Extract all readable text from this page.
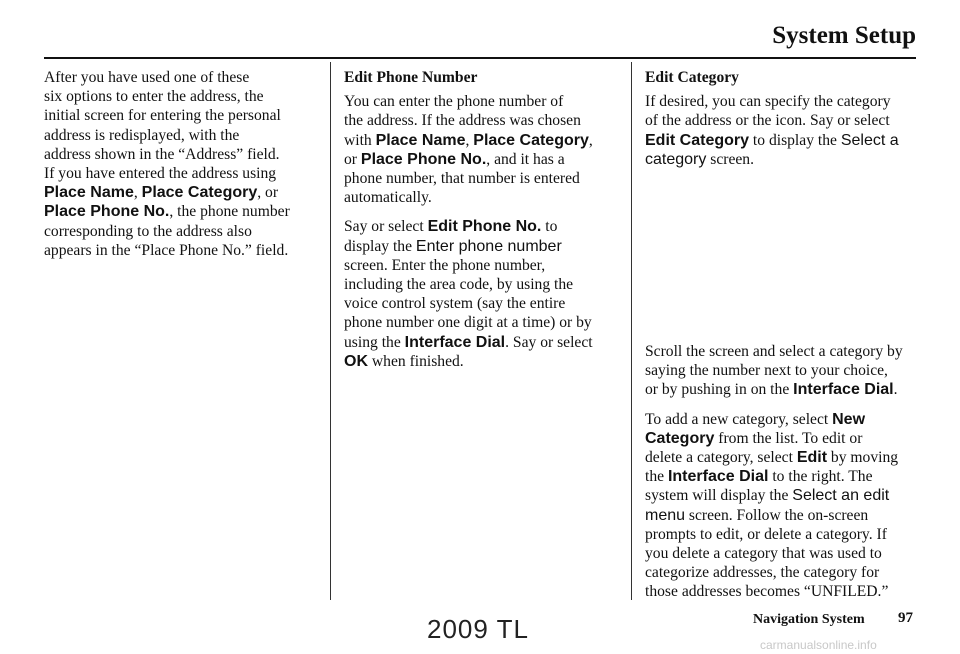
System Setup

After you have used one of these
six options to enter the address, the
initial screen for entering the personal
address is redisplayed, with the
address shown in the “Address” field.
If you have entered the address using
Place Name, Place Category, or
Place Phone No., the phone number
corresponding to the address also
appears in the “Place Phone No.” field.

Edit Phone Number

You can enter the phone number of
the address. If the address was chosen
with Place Name, Place Category,
or Place Phone No., and it has a
phone number, that number is entered
automatically.

Say or select Edit Phone No. to
display the Enter phone number
screen. Enter the phone number,
including the area code, by using the
voice control system (say the entire
phone number one digit at a time) or by
using the Interface Dial. Say or select
OK when finished.

Edit Category

If desired, you can specify the category
of the address or the icon. Say or select
Edit Category to display the Select a
category screen.

Scroll the screen and select a category by
saying the number next to your choice,
or by pushing in on the Interface Dial.

To add a new category, select New
Category from the list. To edit or
delete a category, select Edit by moving
the Interface Dial to the right. The
system will display the Select an edit
menu screen. Follow the on-screen
prompts to edit, or delete a category. If
you delete a category that was used to
categorize addresses, the category for
those addresses becomes “UNFILED.”

Navigation System 97
2009 TL
carmanualsonline.info
